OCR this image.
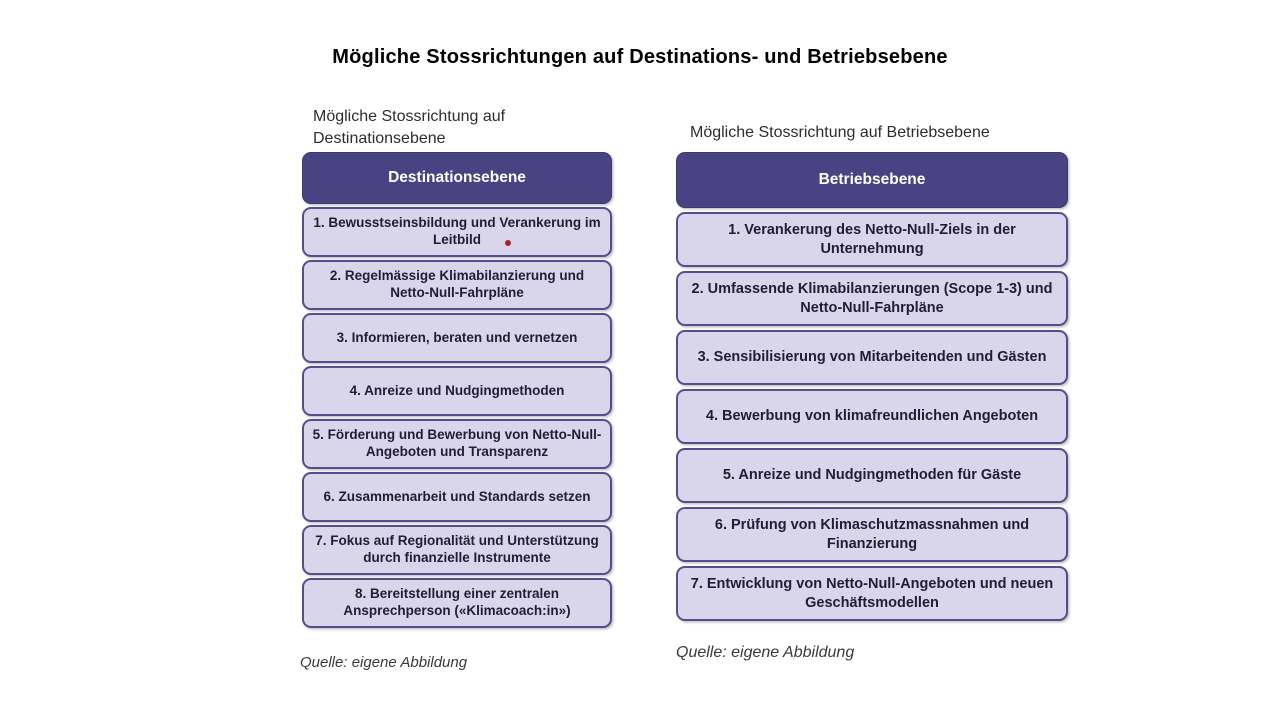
Mögliche Stossrichtungen auf Destinations- und Betriebsebene
Mögliche Stossrichtung auf Destinationsebene	Mögliche Stossrichtung auf Betriebsebene
Destinationsebene
1. Bewusstseinsbildung und Verankerung im Leitbild
2. Regelmässige Klimabilanzierung und Netto-Null-Fahrpläne
3. Informieren, beraten und vernetzen
4. Anreize und Nudgingmethoden
5. Förderung und Bewerbung von Netto-Null-Angeboten und Transparenz
6. Zusammenarbeit und Standards setzen
7. Fokus auf Regionalität und Unterstützung durch finanzielle Instrumente
8. Bereitstellung einer zentralen Ansprechperson («Klimacoach:in»)
Betriebsebene
1. Verankerung des Netto-Null-Ziels in der Unternehmung
2. Umfassende Klimabilanzierungen (Scope 1-3) und Netto-Null-Fahrpläne
3. Sensibilisierung von Mitarbeitenden und Gästen
4. Bewerbung von klimafreundlichen Angeboten
5. Anreize und Nudgingmethoden für Gäste
6. Prüfung von Klimaschutzmassnahmen und Finanzierung
7. Entwicklung von Netto-Null-Angeboten und neuen Geschäftsmodellen
Quelle: eigene Abbildung
Quelle: eigene Abbildung
